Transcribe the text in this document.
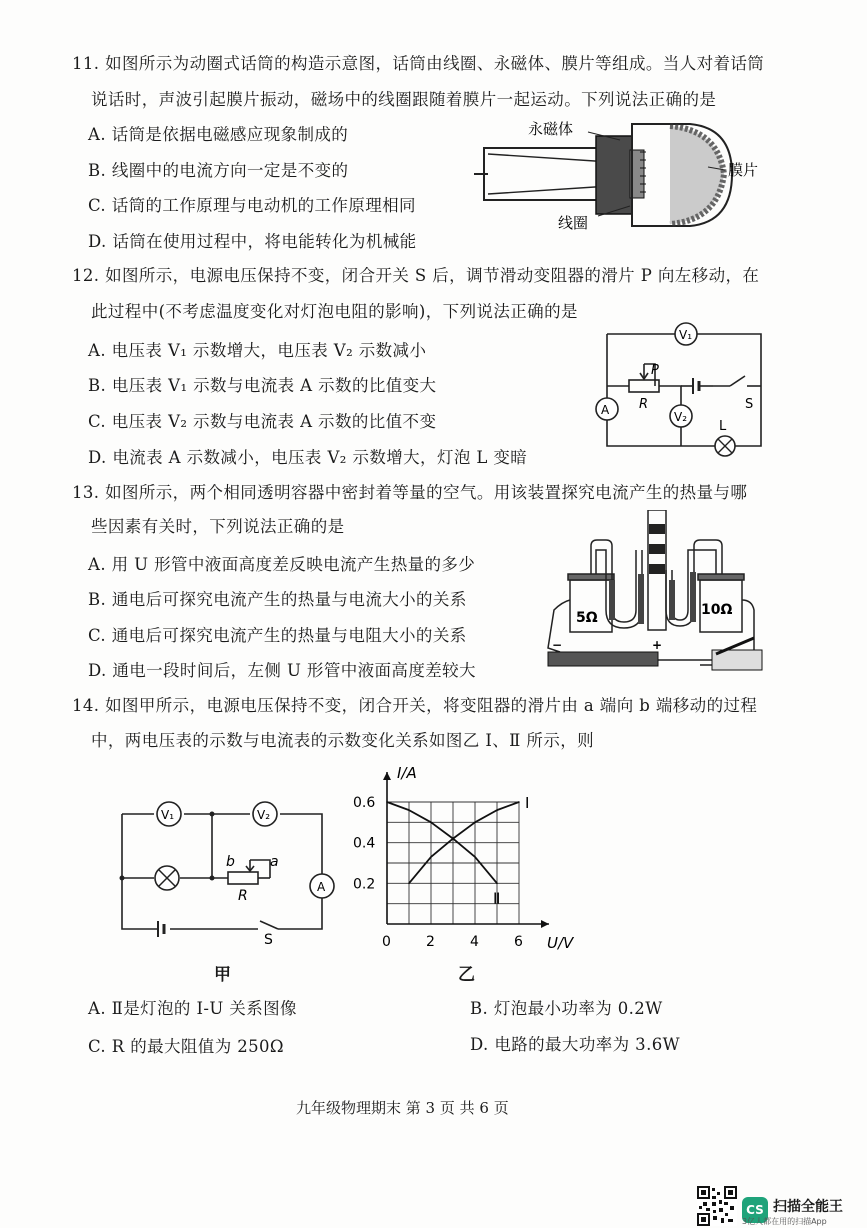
11. 如图所示为动圈式话筒的构造示意图，话筒由线圈、永磁体、膜片等组成。当人对着话筒
说话时，声波引起膜片振动，磁场中的线圈跟随着膜片一起运动。下列说法正确的是
A. 话筒是依据电磁感应现象制成的
B. 线圈中的电流方向一定是不变的
C. 话筒的工作原理与电动机的工作原理相同
D. 话筒在使用过程中，将电能转化为机械能
永磁体
膜片
线圈
12. 如图所示，电源电压保持不变，闭合开关 S 后，调节滑动变阻器的滑片 P 向左移动，在
此过程中(不考虑温度变化对灯泡电阻的影响)，下列说法正确的是
A. 电压表 V₁ 示数增大，电压表 V₂ 示数减小
B. 电压表 V₁ 示数与电流表 A 示数的比值变大
C. 电压表 V₂ 示数与电流表 A 示数的比值不变
D. 电流表 A 示数减小，电压表 V₂ 示数增大，灯泡 L 变暗
V₁
A	V₂
P
R	S
L
13. 如图所示，两个相同透明容器中密封着等量的空气。用该装置探究电流产生的热量与哪
些因素有关时，下列说法正确的是
A. 用 U 形管中液面高度差反映电流产生热量的多少
B. 通电后可探究电流产生的热量与电流大小的关系
C. 通电后可探究电流产生的热量与电阻大小的关系
D. 通电一段时间后，左侧 U 形管中液面高度差较大
5Ω	10Ω
−	+
14. 如图甲所示，电源电压保持不变，闭合开关，将变阻器的滑片由 a 端向 b 端移动的过程
中，两电压表的示数与电流表的示数变化关系如图乙 Ⅰ、Ⅱ 所示，则
V₁	V₂
A
b	a
R
S
甲
U/V
I/A
0	2	4	6
0.2
0.4
0.6	Ⅰ
Ⅱ
乙
A. Ⅱ是灯泡的 I-U 关系图像	B. 灯泡最小功率为 0.2W
C. R 的最大阻值为 250Ω	D. 电路的最大功率为 3.6W
九年级物理期末 第 3 页 共 6 页
CS 扫描全能王
3亿人都在用的扫描App
